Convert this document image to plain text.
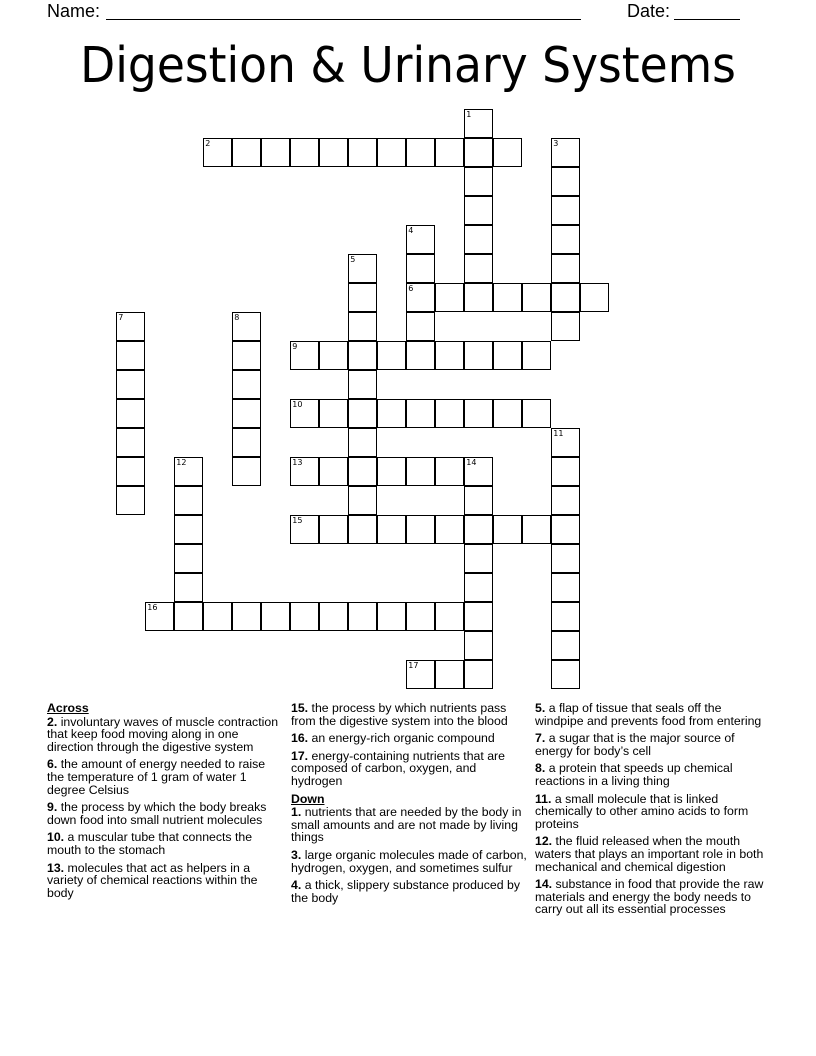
Name:	Date:
Digestion & Urinary Systems
1
2	3
4
6
5
7	8
9
10
11
12	13	14
15
16
17
Across
2. involuntary waves of muscle contraction that keep food moving along in one direction through the digestive system
6. the amount of energy needed to raise the temperature of 1 gram of water 1 degree Celsius
9. the process by which the body breaks down food into small nutrient molecules
10. a muscular tube that connects the mouth to the stomach
13. molecules that act as helpers in a variety of chemical reactions within the body
15. the process by which nutrients pass from the digestive system into the blood
16. an energy-rich organic compound
17. energy-containing nutrients that are composed of carbon, oxygen, and hydrogen
Down
1. nutrients that are needed by the body in small amounts and are not made by living things
3. large organic molecules made of carbon, hydrogen, oxygen, and sometimes sulfur
4. a thick, slippery substance produced by the body
5. a flap of tissue that seals off the windpipe and prevents food from entering
7. a sugar that is the major source of energy for body’s cell
8. a protein that speeds up chemical reactions in a living thing
11. a small molecule that is linked chemically to other amino acids to form proteins
12. the fluid released when the mouth waters that plays an important role in both mechanical and chemical digestion
14. substance in food that provide the raw materials and energy the body needs to carry out all its essential processes
